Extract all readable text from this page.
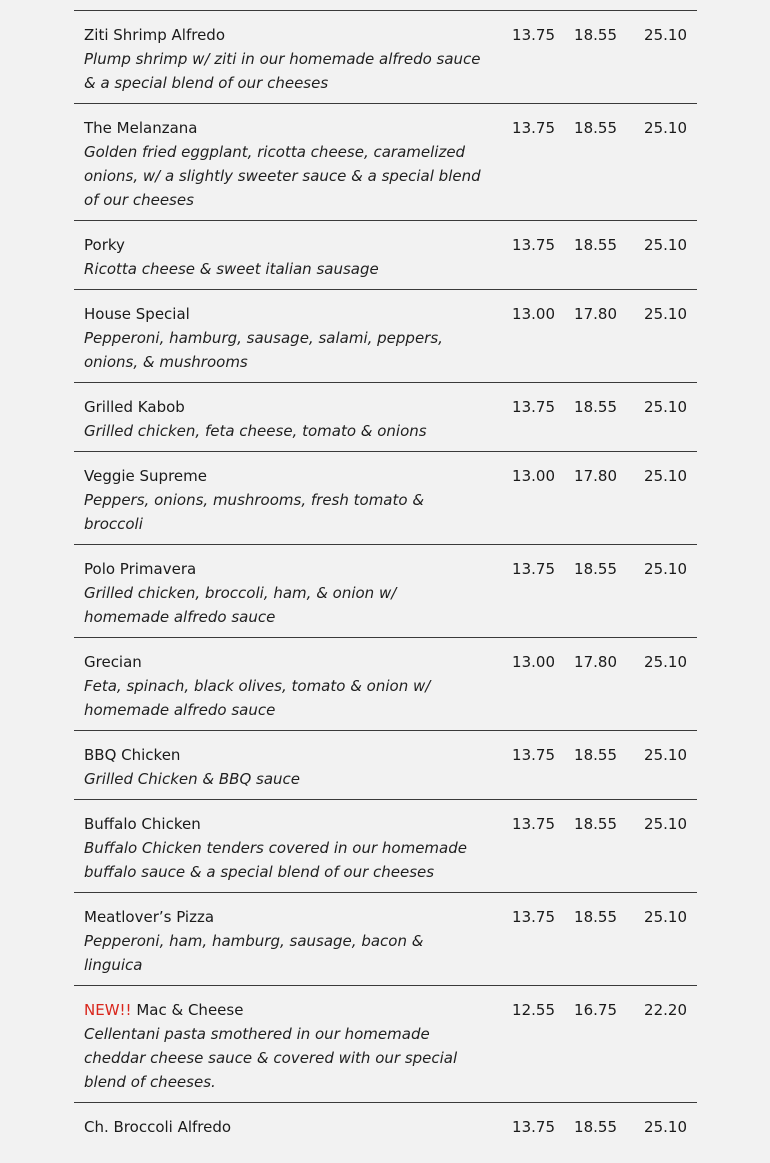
Ziti Shrimp Alfredo
Plump shrimp w/ ziti in our homemade alfredo sauce & a special blend of our cheeses
13.75	18.55	25.10
The Melanzana
Golden fried eggplant, ricotta cheese, caramelized onions, w/ a slightly sweeter sauce & a special blend of our cheeses
13.75	18.55	25.10
Porky
Ricotta cheese & sweet italian sausage
13.75	18.55	25.10
House Special
Pepperoni, hamburg, sausage, salami, peppers, onions, & mushrooms
13.00	17.80	25.10
Grilled Kabob
Grilled chicken, feta cheese, tomato & onions
13.75	18.55	25.10
Veggie Supreme
Peppers, onions, mushrooms, fresh tomato & broccoli
13.00	17.80	25.10
Polo Primavera
Grilled chicken, broccoli, ham, & onion w/ homemade alfredo sauce
13.75	18.55	25.10
Grecian
Feta, spinach, black olives, tomato & onion w/ homemade alfredo sauce
13.00	17.80	25.10
BBQ Chicken
Grilled Chicken & BBQ sauce
13.75	18.55	25.10
Buffalo Chicken
Buffalo Chicken tenders covered in our homemade buffalo sauce & a special blend of our cheeses
13.75	18.55	25.10
Meatlover’s Pizza
Pepperoni, ham, hamburg, sausage, bacon & linguica
13.75	18.55	25.10
NEW!! Mac & Cheese
Cellentani pasta smothered in our homemade cheddar cheese sauce & covered with our special blend of cheeses.
12.55	16.75	22.20
Ch. Broccoli Alfredo	13.75	18.55	25.10
